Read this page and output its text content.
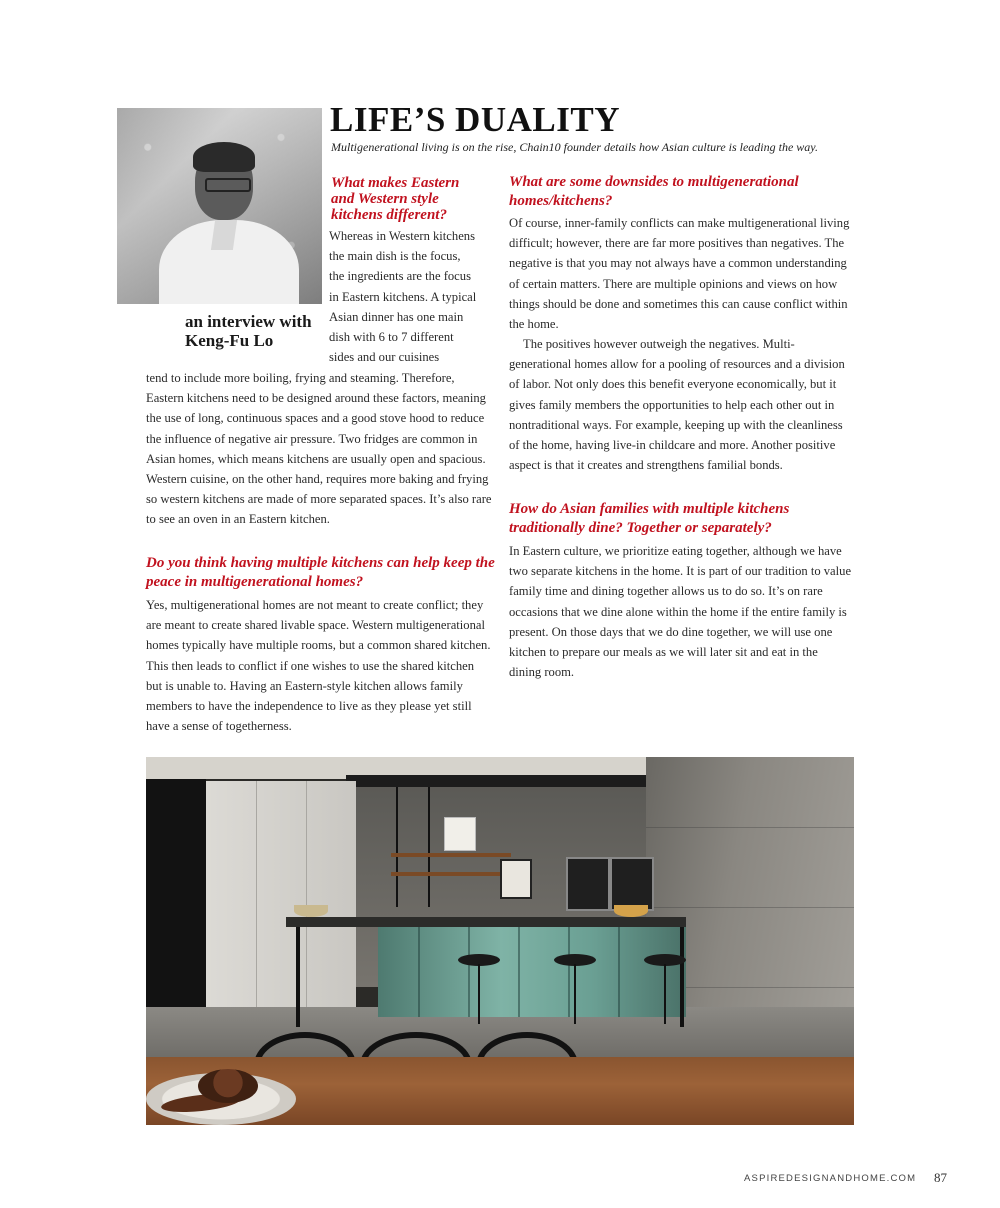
an interview with
Keng-Fu Lo
LIFE’S DUALITY

Multigenerational living is on the rise, Chain10 founder details how Asian culture is leading the way.

What makes Eastern
and Western style
kitchens different?
Whereas in Western kitchens
the main dish is the focus,
the ingredients are the focus
in Eastern kitchens. A typical
Asian dinner has one main
dish with 6 to 7 different
sides and our cuisines

tend to include more boiling, frying and steaming. Therefore, Eastern kitchens need to be designed around these factors, meaning the use of long, continuous spaces and a good stove hood to reduce the influence of negative air pressure. Two fridges are common in Asian homes, which means kitchens are usually open and spacious. Western cuisine, on the other hand, requires more baking and frying so western kitchens are made of more separated spaces. It’s also rare to see an oven in an Eastern kitchen.

Do you think having multiple kitchens can help keep the peace in multigenerational homes?

Yes, multigenerational homes are not meant to create conflict; they are meant to create shared livable space. Western multigenerational homes typically have multiple rooms, but a common shared kitchen. This then leads to conflict if one wishes to use the shared kitchen but is unable to. Having an Eastern-style kitchen allows family members to have the independence to live as they please yet still have a sense of togetherness.

What are some downsides to multigenerational homes/kitchens?

Of course, inner-family conflicts can make multigenerational living difficult; however, there are far more positives than negatives. The negative is that you may not always have a common understanding of certain matters. There are multiple opinions and views on how things should be done and sometimes this can cause conflict within the home.

The positives however outweigh the negatives. Multi-generational homes allow for a pooling of resources and a division of labor. Not only does this benefit everyone economically, but it gives family members the opportunities to help each other out in nontraditional ways. For example, keeping up with the cleanliness of the home, having live-in childcare and more. Another positive aspect is that it creates and strengthens familial bonds.

How do Asian families with multiple kitchens traditionally dine? Together or separately?

In Eastern culture, we prioritize eating together, although we have two separate kitchens in the home. It is part of our tradition to value family time and dining together allows us to do so. It’s on rare occasions that we dine alone within the home if the entire family is present. On those days that we do dine together, we will use one kitchen to prepare our meals as we will later sit and eat in the dining room.

ASPIREDESIGNANDHOME.COM 87
